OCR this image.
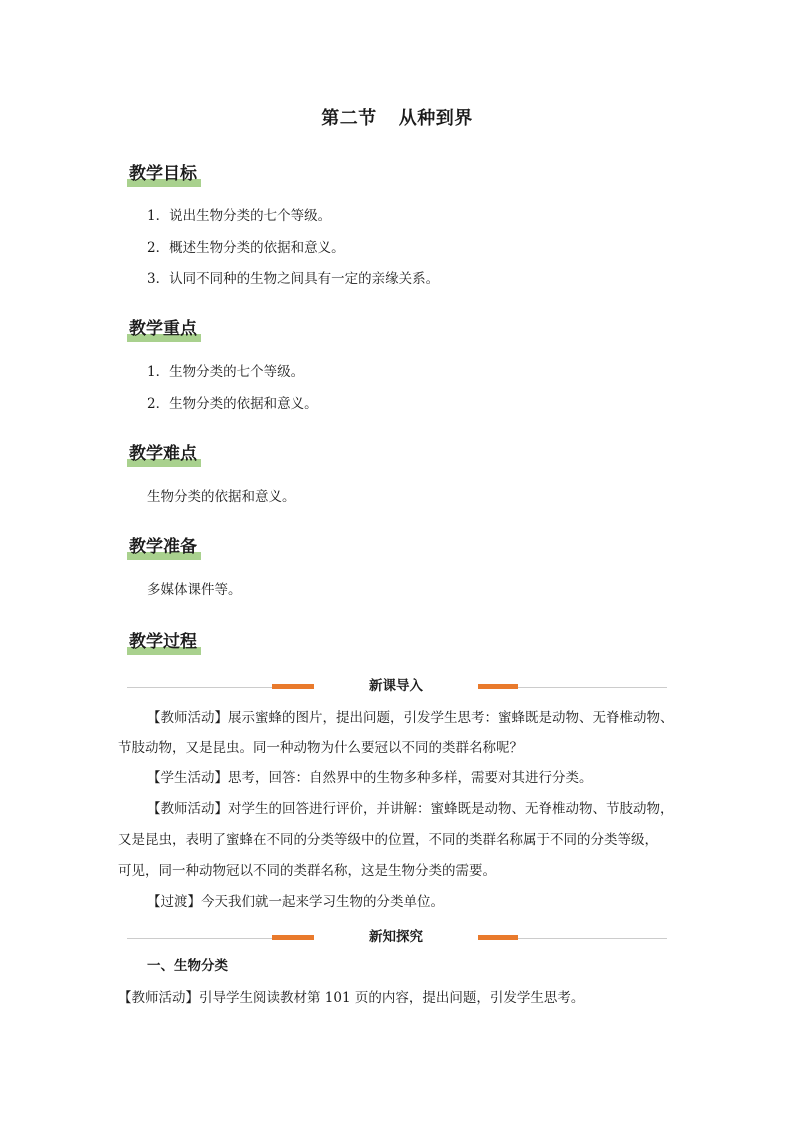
第二节 从种到界
教学目标
1．说出生物分类的七个等级。
2．概述生物分类的依据和意义。
3．认同不同种的生物之间具有一定的亲缘关系。
教学重点
1．生物分类的七个等级。
2．生物分类的依据和意义。
教学难点
生物分类的依据和意义。
教学准备
多媒体课件等。
教学过程
新课导入
【教师活动】展示蜜蜂的图片，提出问题，引发学生思考：蜜蜂既是动物、无脊椎动物、
节肢动物，又是昆虫。同一种动物为什么要冠以不同的类群名称呢？
【学生活动】思考，回答：自然界中的生物多种多样，需要对其进行分类。
【教师活动】对学生的回答进行评价，并讲解：蜜蜂既是动物、无脊椎动物、节肢动物，
又是昆虫，表明了蜜蜂在不同的分类等级中的位置，不同的类群名称属于不同的分类等级，
可见，同一种动物冠以不同的类群名称，这是生物分类的需要。
【过渡】今天我们就一起来学习生物的分类单位。
新知探究
一、生物分类
【教师活动】引导学生阅读教材第 101 页的内容，提出问题，引发学生思考。
